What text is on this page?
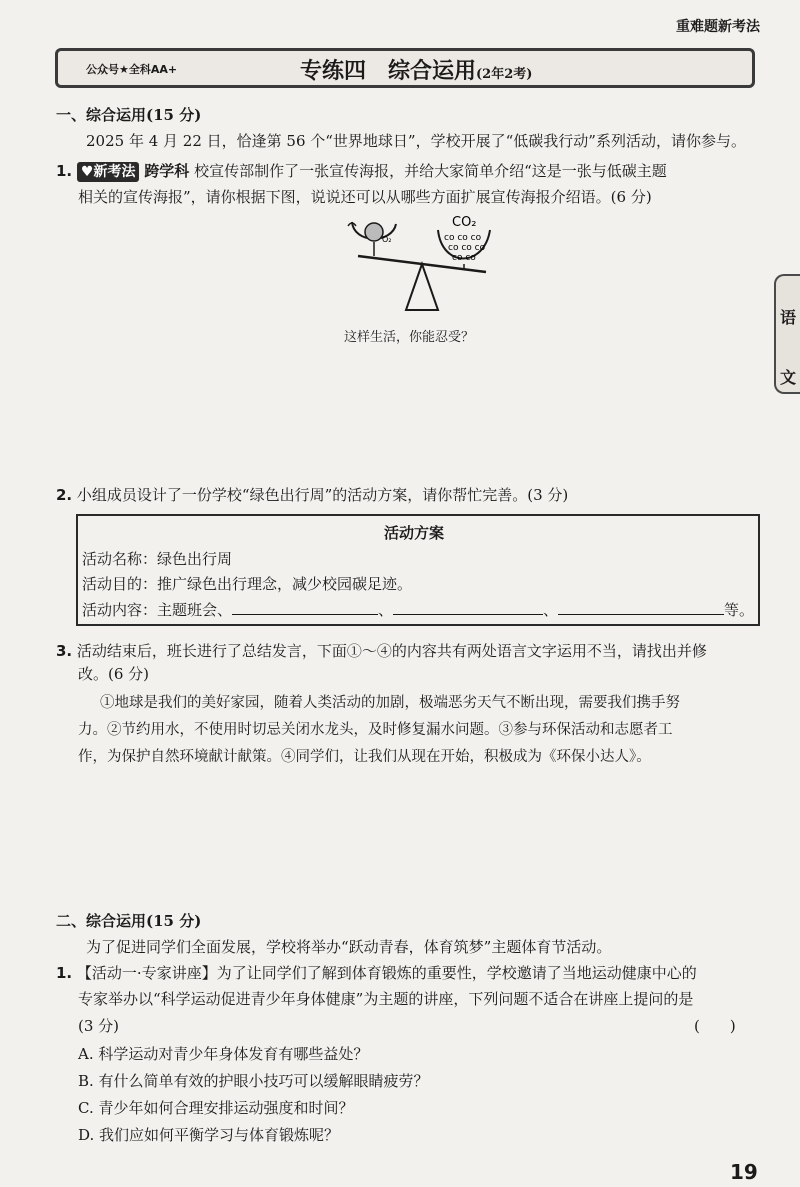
重难题新考法
公众号★全科AA+	专练四　综合运用(2年2考)
语
文
一、综合运用(15 分)
2025 年 4 月 22 日，恰逢第 56 个“世界地球日”，学校开展了“低碳我行动”系列活动，请你参与。
1. ♥新考法 跨学科 校宣传部制作了一张宣传海报，并给大家简单介绍“这是一张与低碳主题
相关的宣传海报”，请你根据下图，说说还可以从哪些方面扩展宣传海报介绍语。(6 分)
O₂
CO₂
co co co
co co co
co co
这样生活，你能忍受？
2. 小组成员设计了一份学校“绿色出行周”的活动方案，请你帮忙完善。(3 分)
活动方案
活动名称：绿色出行周
活动目的：推广绿色出行理念，减少校园碳足迹。
活动内容：主题班会、	、	、	等。
3. 活动结束后，班长进行了总结发言，下面①～④的内容共有两处语言文字运用不当，请找出并修
改。(6 分)
①地球是我们的美好家园，随着人类活动的加剧，极端恶劣天气不断出现，需要我们携手努
力。②节约用水，不使用时切忌关闭水龙头，及时修复漏水问题。③参与环保活动和志愿者工
作，为保护自然环境献计献策。④同学们，让我们从现在开始，积极成为《环保小达人》。
二、综合运用(15 分)
为了促进同学们全面发展，学校将举办“跃动青春，体育筑梦”主题体育节活动。
1. 【活动一·专家讲座】为了让同学们了解到体育锻炼的重要性，学校邀请了当地运动健康中心的
专家举办以“科学运动促进青少年身体健康”为主题的讲座，下列问题不适合在讲座上提问的是
(3 分)	(　　)
A. 科学运动对青少年身体发育有哪些益处？
B. 有什么简单有效的护眼小技巧可以缓解眼睛疲劳？
C. 青少年如何合理安排运动强度和时间？
D. 我们应如何平衡学习与体育锻炼呢？
19
